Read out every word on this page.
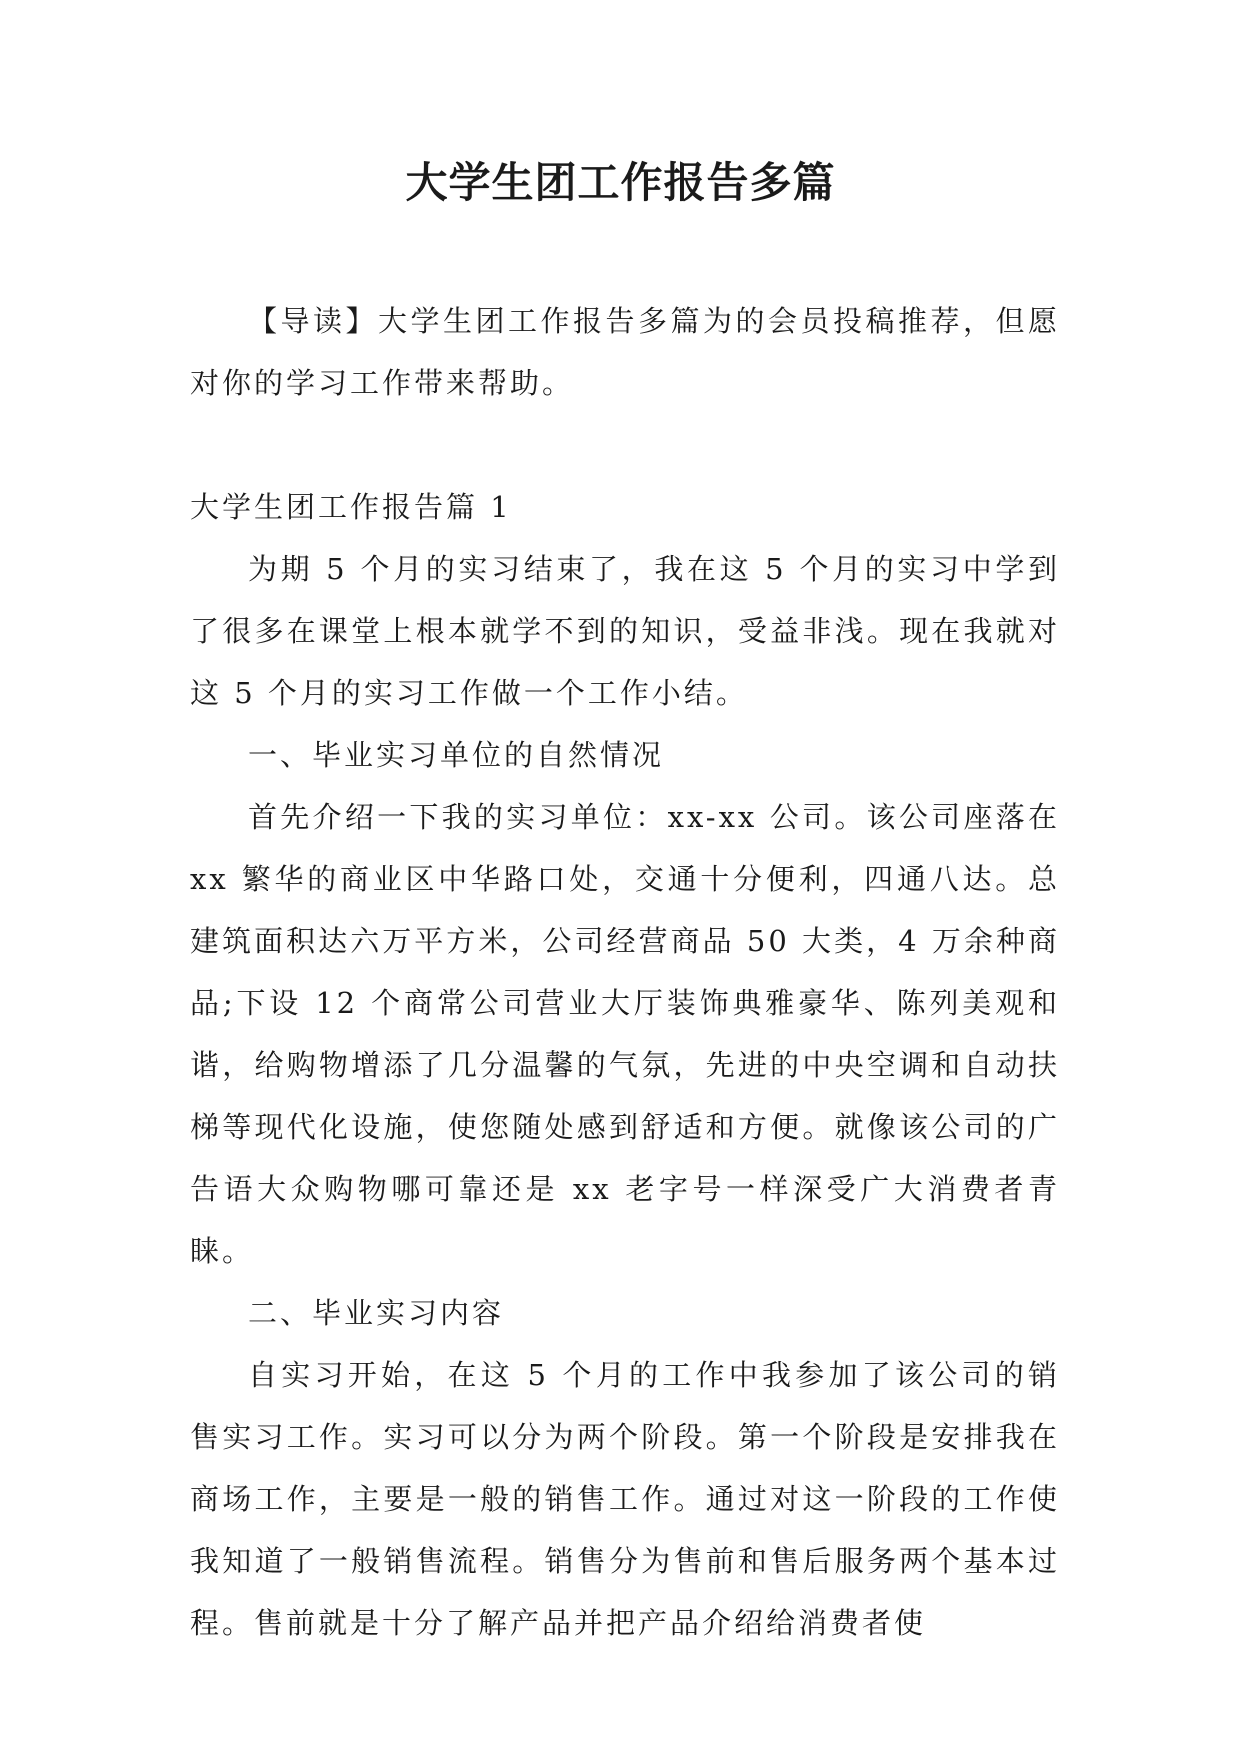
大学生团工作报告多篇

【导读】大学生团工作报告多篇为的会员投稿推荐，但愿对你的学习工作带来帮助。

大学生团工作报告篇 1

为期 5 个月的实习结束了，我在这 5 个月的实习中学到了很多在课堂上根本就学不到的知识，受益非浅。现在我就对这 5 个月的实习工作做一个工作小结。

一、毕业实习单位的自然情况

首先介绍一下我的实习单位：xx-xx 公司。该公司座落在 xx 繁华的商业区中华路口处，交通十分便利，四通八达。总建筑面积达六万平方米，公司经营商品 50 大类，4 万余种商品;下设 12 个商常公司营业大厅装饰典雅豪华、陈列美观和谐，给购物增添了几分温馨的气氛，先进的中央空调和自动扶梯等现代化设施，使您随处感到舒适和方便。就像该公司的广告语大众购物哪可靠还是 xx 老字号一样深受广大消费者青睐。

二、毕业实习内容

自实习开始，在这 5 个月的工作中我参加了该公司的销售实习工作。实习可以分为两个阶段。第一个阶段是安排我在商场工作，主要是一般的销售工作。通过对这一阶段的工作使我知道了一般销售流程。销售分为售前和售后服务两个基本过程。售前就是十分了解产品并把产品介绍给消费者使
